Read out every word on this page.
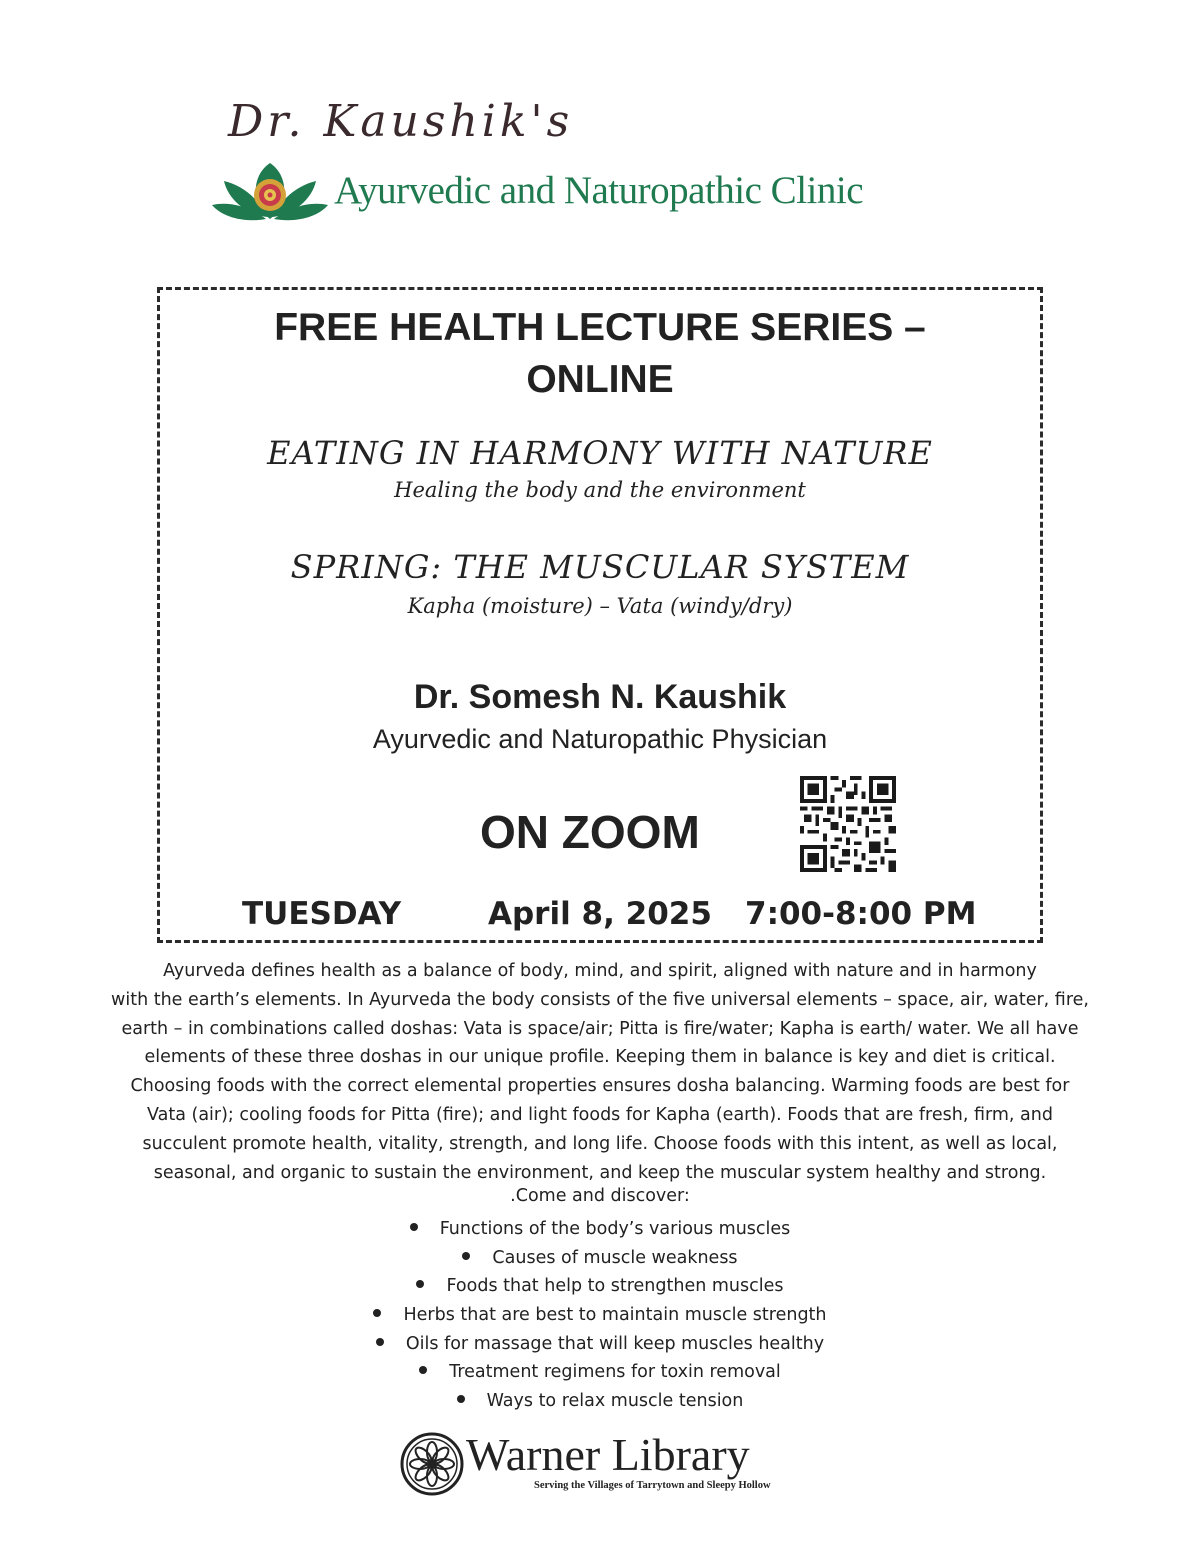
Dr. Kaushik's
Ayurvedic and Naturopathic Clinic
FREE HEALTH LECTURE SERIES –
ONLINE
EATING IN HARMONY WITH NATURE
Healing the body and the environment
SPRING: THE MUSCULAR SYSTEM
Kapha (moisture) – Vata (windy/dry)
Dr. Somesh N. Kaushik
Ayurvedic and Naturopathic Physician
ON ZOOM
TUESDAY	April 8, 2025 7:00-8:00 PM
Ayurveda defines health as a balance of body, mind, and spirit, aligned with nature and in harmony
with the earth’s elements. In Ayurveda the body consists of the five universal elements – space, air, water, fire,
earth – in combinations called doshas: Vata is space/air; Pitta is fire/water; Kapha is earth/ water. We all have
elements of these three doshas in our unique profile. Keeping them in balance is key and diet is critical.
Choosing foods with the correct elemental properties ensures dosha balancing. Warming foods are best for
Vata (air); cooling foods for Pitta (fire); and light foods for Kapha (earth). Foods that are fresh, firm, and
succulent promote health, vitality, strength, and long life. Choose foods with this intent, as well as local,
seasonal, and organic to sustain the environment, and keep the muscular system healthy and strong.
.Come and discover:
Functions of the body’s various muscles
Causes of muscle weakness
Foods that help to strengthen muscles
Herbs that are best to maintain muscle strength
Oils for massage that will keep muscles healthy
Treatment regimens for toxin removal
Ways to relax muscle tension
Warner Library
Serving the Villages of Tarrytown and Sleepy Hollow
